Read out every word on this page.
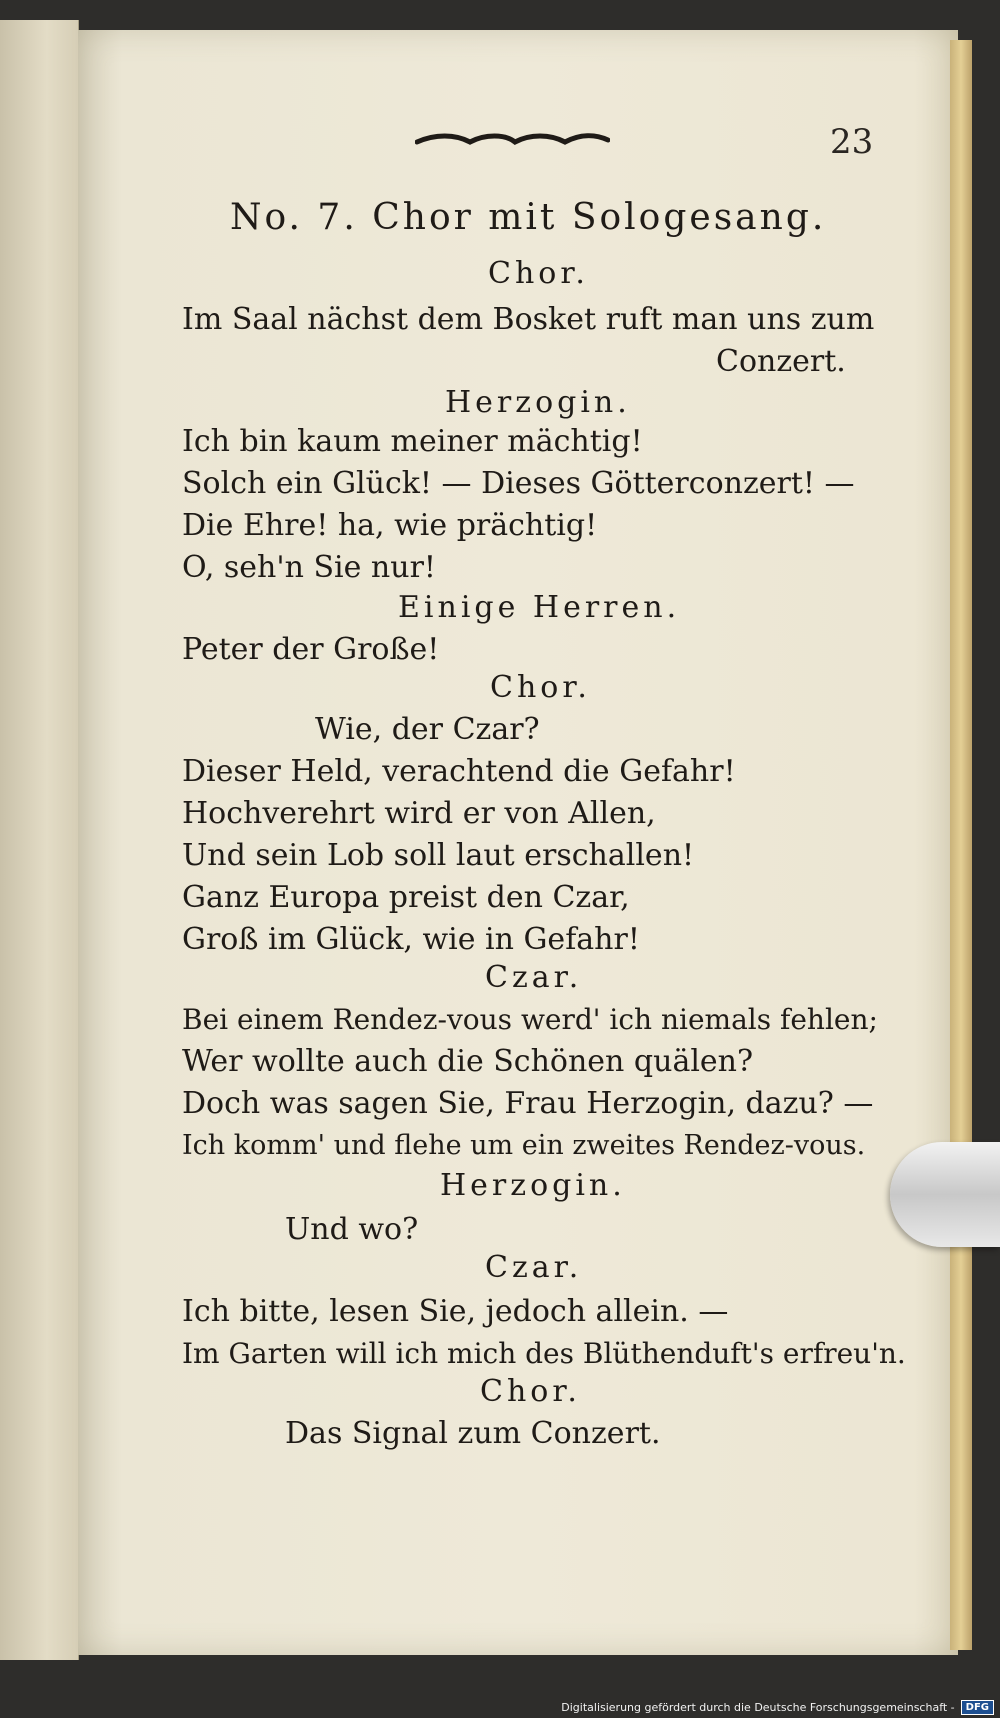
23
No. 7. Chor mit Sologesang.
Chor.
Im Saal nächst dem Bosket ruft man uns zum
Conzert.
Herzogin.
Ich bin kaum meiner mächtig!
Solch ein Glück! — Dieses Götterconzert! —
Die Ehre! ha, wie prächtig!
O, seh'n Sie nur!
Einige Herren.
Peter der Große!
Chor.
Wie, der Czar?
Dieser Held, verachtend die Gefahr!
Hochverehrt wird er von Allen,
Und sein Lob soll laut erschallen!
Ganz Europa preist den Czar,
Groß im Glück, wie in Gefahr!
Czar.
Bei einem Rendez-vous werd' ich niemals fehlen;
Wer wollte auch die Schönen quälen?
Doch was sagen Sie, Frau Herzogin, dazu? —
Ich komm' und flehe um ein zweites Rendez-vous.
Herzogin.
Und wo?
Czar.
Ich bitte, lesen Sie, jedoch allein. —
Im Garten will ich mich des Blüthenduft's erfreu'n.
Chor.
Das Signal zum Conzert.
Digitalisierung gefördert durch die Deutsche Forschungsgemeinschaft -	DFG
